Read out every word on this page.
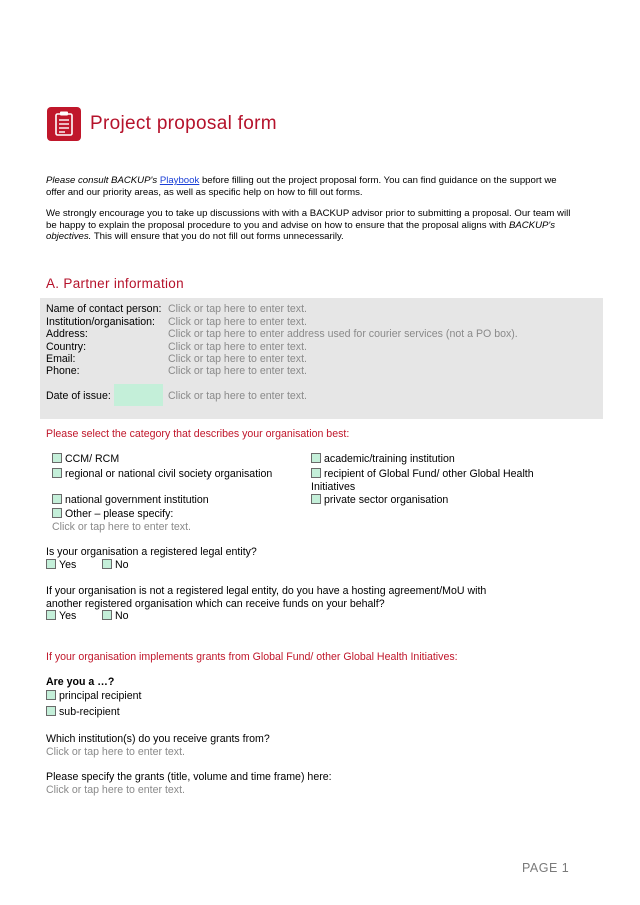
Project proposal form
Please consult BACKUP's Playbook before filling out the project proposal form. You can find guidance on the support we offer and our priority areas, as well as specific help on how to fill out forms.
We strongly encourage you to take up discussions with with a BACKUP advisor prior to submitting a proposal. Our team will be happy to explain the proposal procedure to you and advise on how to ensure that the proposal aligns with BACKUP's objectives. This will ensure that you do not fill out forms unnecessarily.
A. Partner information
Name of contact person: Click or tap here to enter text.
Institution/organisation: Click or tap here to enter text.
Address:	Click or tap here to enter address used for courier services (not a PO box).
Country:	Click or tap here to enter text.
Email:	Click or tap here to enter text.
Phone:	Click or tap here to enter text.
Date of issue:	Click or tap here to enter text.
Please select the category that describes your organisation best:
CCM/ RCM	academic/training institution
regional or national civil society organisation	recipient of Global Fund/ other Global Health
Initiatives
national government institution	private sector organisation
Other – please specify:
Click or tap here to enter text.
Is your organisation a registered legal entity?
Yes	No
If your organisation is not a registered legal entity, do you have a hosting agreement/MoU with
another registered organisation which can receive funds on your behalf?
Yes	No
If your organisation implements grants from Global Fund/ other Global Health Initiatives:
Are you a …?
principal recipient
sub-recipient
Which institution(s) do you receive grants from?
Click or tap here to enter text.
Please specify the grants (title, volume and time frame) here:
Click or tap here to enter text.
PAGE 1
